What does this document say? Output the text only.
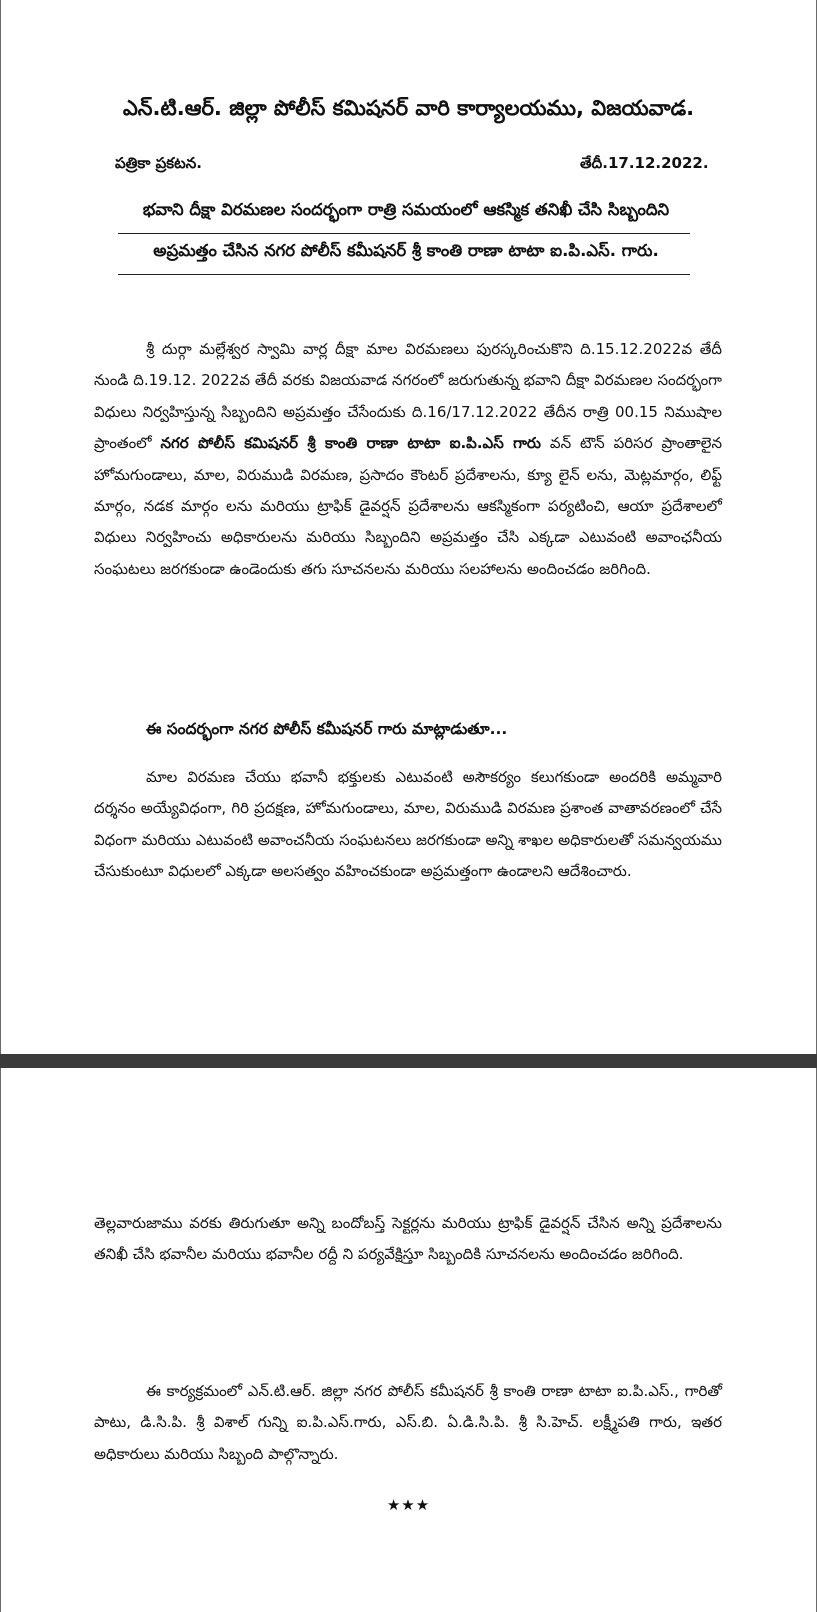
ఎన్.టి.ఆర్. జిల్లా పోలీస్ కమిషనర్ వారి కార్యాలయము, విజయవాడ.

పత్రికా ప్రకటన.	తేదీ.17.12.2022.

భవాని దీక్షా విరమణల సందర్భంగా రాత్రి సమయంలో ఆకస్మిక తనిఖీ చేసి సిబ్బందిని

అప్రమత్తం చేసిన నగర పోలీస్ కమీషనర్ శ్రీ కాంతి రాణా టాటా ఐ.పి.ఎస్. గారు.

శ్రీ దుర్గా మల్లేశ్వర స్వామి వార్ల దీక్షా మాల విరమణలు పురస్కరించుకొని ది.15.12.2022వ తేదీ నుండి ది.19.12. 2022వ తేదీ వరకు విజయవాడ నగరంలో జరుగుతున్న భవాని దీక్షా విరమణల సందర్భంగా విధులు నిర్వహిస్తున్న సిబ్బందిని అప్రమత్తం చేసేందుకు ది.16/17.12.2022 తేదీన రాత్రి 00.15 నిముషాల ప్రాంతంలో నగర పోలీస్ కమిషనర్ శ్రీ కాంతి రాణా టాటా ఐ.పి.ఎస్ గారు వన్ టౌన్ పరిసర ప్రాంతాలైన హోమగుండాలు, మాల, విరుముడి విరమణ, ప్రసాదం కౌంటర్ ప్రదేశాలను, క్యూ లైన్ లను, మెట్లమార్గం, లిఫ్ట్ మార్గం, నడక మార్గం లను మరియు ట్రాఫిక్ డైవర్షన్ ప్రదేశాలను ఆకస్మికంగా పర్యటించి, ఆయా ప్రదేశాలలో విధులు నిర్వహించు అధికారులను మరియు సిబ్బందిని అప్రమత్తం చేసి ఎక్కడా ఎటువంటి అవాంఛనీయ సంఘటలు జరగకుండా ఉండెందుకు తగు సూచనలను మరియు సలహాలను అందించడం జరిగింది.

ఈ సందర్భంగా నగర పోలీస్ కమీషనర్ గారు మాట్లాడుతూ...

మాల విరమణ చేయు భవానీ భక్తులకు ఎటువంటి అసౌకర్యం కలుగకుండా అందరికి అమ్మవారి దర్శనం అయ్యేవిధంగా, గిరి ప్రదక్షణ, హోమగుండాలు, మాల, విరుముడి విరమణ ప్రశాంత వాతావరణంలో చేసే విధంగా మరియు ఎటువంటి అవాంచనీయ సంఘటనలు జరగకుండా అన్ని శాఖల అధికారులతో సమన్వయము చేసుకుంటూ విధులలో ఎక్కడా అలసత్వం వహించకుండా అప్రమత్తంగా ఉండాలని ఆదేశించారు.

తెల్లవారుజాము వరకు తిరుగుతూ అన్ని బందోబస్త్ సెక్టర్లను మరియు ట్రాఫిక్ డైవర్షన్ చేసిన అన్ని ప్రదేశాలను తనిఖీ చేసి భవానీల మరియు భవానీల రద్దీ ని పర్యవేక్షిస్తూ సిబ్బందికి సూచనలను అందించడం జరిగింది.

ఈ కార్యక్రమంలో ఎన్.టి.ఆర్. జిల్లా నగర పోలీస్ కమీషనర్ శ్రీ కాంతి రాణా టాటా ఐ.పి.ఎస్., గారితో పాటు, డి.సి.పి. శ్రీ విశాల్ గున్ని ఐ.పి.ఎస్.గారు, ఎస్.బి. ఏ.డి.సి.పి. శ్రీ సి.హెచ్. లక్ష్మీపతి గారు, ఇతర అధికారులు మరియు సిబ్బంది పాల్గొన్నారు.

★★★
